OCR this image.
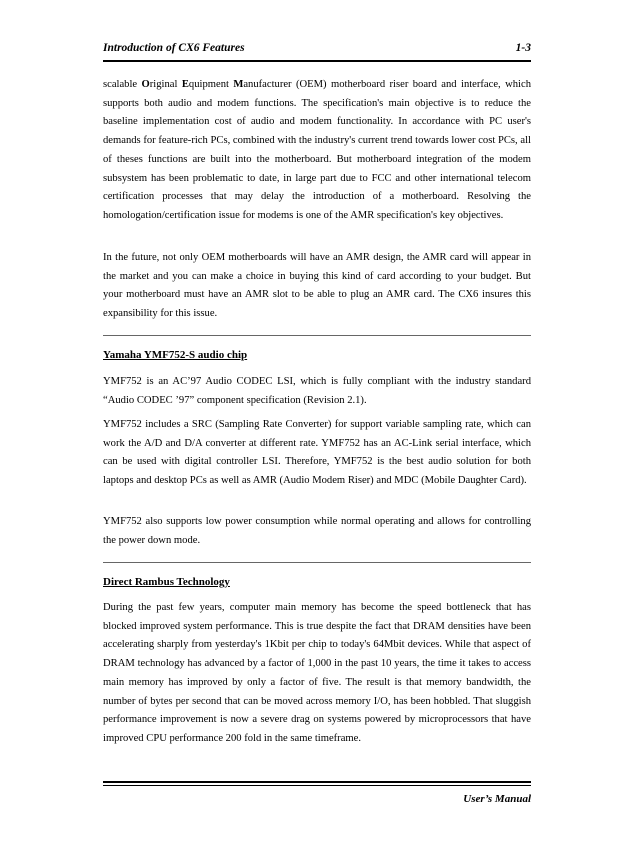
Introduction of CX6 Features	1-3

scalable Original Equipment Manufacturer (OEM) motherboard riser board and interface, which supports both audio and modem functions. The specification's main objective is to reduce the baseline implementation cost of audio and modem functionality. In accordance with PC user's demands for feature-rich PCs, combined with the industry's current trend towards lower cost PCs, all of theses functions are built into the motherboard. But motherboard integration of the modem subsystem has been problematic to date, in large part due to FCC and other international telecom certification processes that may delay the introduction of a motherboard. Resolving the homologation/certification issue for modems is one of the AMR specification's key objectives.

In the future, not only OEM motherboards will have an AMR design, the AMR card will appear in the market and you can make a choice in buying this kind of card according to your budget. But your motherboard must have an AMR slot to be able to plug an AMR card. The CX6 insures this expansibility for this issue.

Yamaha YMF752-S audio chip

YMF752 is an AC’97 Audio CODEC LSI, which is fully compliant with the industry standard “Audio CODEC ’97” component specification (Revision 2.1).

YMF752 includes a SRC (Sampling Rate Converter) for support variable sampling rate, which can work the A/D and D/A converter at different rate. YMF752 has an AC-Link serial interface, which can be used with digital controller LSI. Therefore, YMF752 is the best audio solution for both laptops and desktop PCs as well as AMR (Audio Modem Riser) and MDC (Mobile Daughter Card).

YMF752 also supports low power consumption while normal operating and allows for controlling the power down mode.

Direct Rambus Technology

During the past few years, computer main memory has become the speed bottleneck that has blocked improved system performance. This is true despite the fact that DRAM densities have been accelerating sharply from yesterday's 1Kbit per chip to today's 64Mbit devices. While that aspect of DRAM technology has advanced by a factor of 1,000 in the past 10 years, the time it takes to access main memory has improved by only a factor of five. The result is that memory bandwidth, the number of bytes per second that can be moved across memory I/O, has been hobbled. That sluggish performance improvement is now a severe drag on systems powered by microprocessors that have improved CPU performance 200 fold in the same timeframe.

User’s Manual
